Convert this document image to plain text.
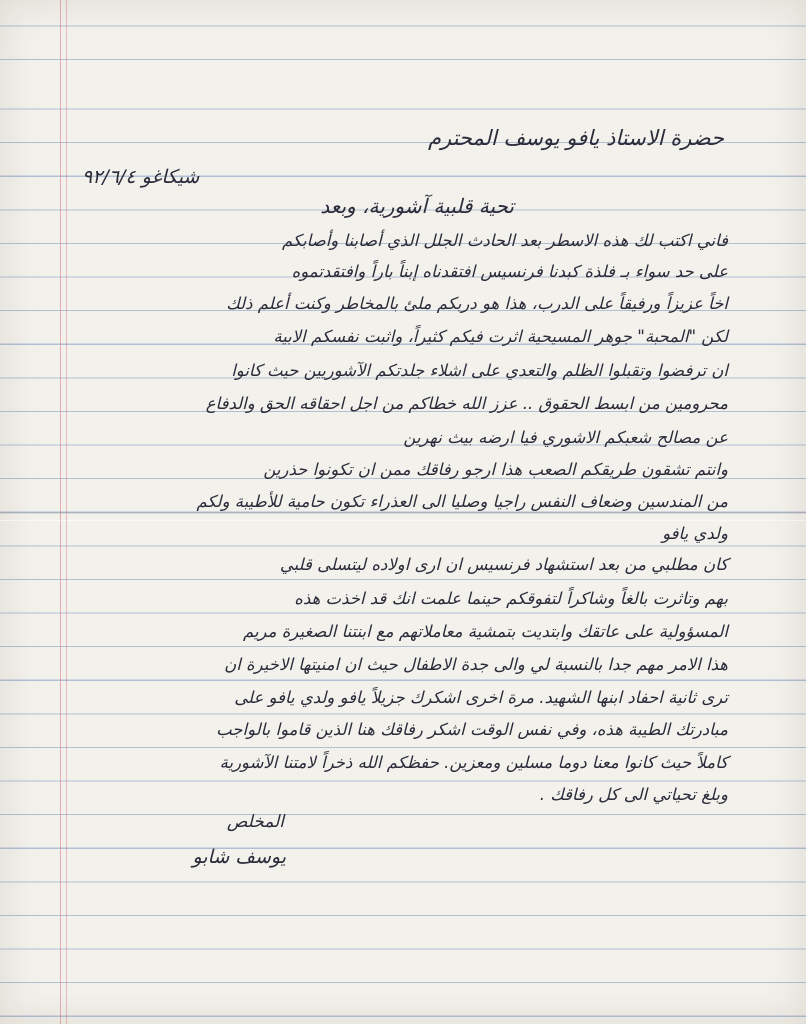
حضرة الاستاذ يافو يوسف المحترم
شيكاغو ٩٢/٦/٤
تحية قلبية آشورية، وبعد
فاني اكتب لك هذه الاسطر بعد الحادث الجلل الذي أصابنا وأصابكم
على حد سواء بـ فلذة كبدنا فرنسيس افتقدناه إبناً باراً وافتقدتموه
اخاً عزيزاً ورفيقاً على الدرب، هذا هو دربكم ملئ بالمخاطر وكنت أعلم ذلك
لكن "المحبة" جوهر المسيحية اثرت فيكم كثيراً، واثبت نفسكم الابية
ان ترفضوا وتقبلوا الظلم والتعدي على اشلاء جلدتكم الآشوريين حيث كانوا
محرومين من ابسط الحقوق .. عزز الله خطاكم من اجل احقاقه الحق والدفاع
عن مصالح شعبكم الاشوري فيا ارضه بيث نهرين
وانتم تشقون طريقكم الصعب هذا ارجو رفاقك ممن ان تكونوا حذرين
من المندسين وضعاف النفس راجيا وصليا الى العذراء تكون حامية للأطيبة ولكم
ولدي يافو
كان مطلبي من بعد استشهاد فرنسيس ان ارى اولاده ليتسلى قلبي
بهم وتاثرت بالغاً وشاكراً لتفوقكم حينما علمت انك قد اخذت هذه
المسؤولية على عاتقك وابتديت بتمشية معاملاتهم مع ابنتنا الصغيرة مريم
هذا الامر مهم جدا بالنسبة لي والى جدة الاطفال حيث ان امنيتها الاخيرة ان
ترى ثانية احفاد ابنها الشهيد. مرة اخرى اشكرك جزيلاً يافو ولدي يافو على
مبادرتك الطيبة هذه، وفي نفس الوقت اشكر رفاقك هنا الذين قاموا بالواجب
كاملاً حيث كانوا معنا دوما مسلين ومعزين. حفظكم الله ذخراً لامتنا الآشورية
وبلغ تحياتي الى كل رفاقك .
المخلص
يوسف شابو
